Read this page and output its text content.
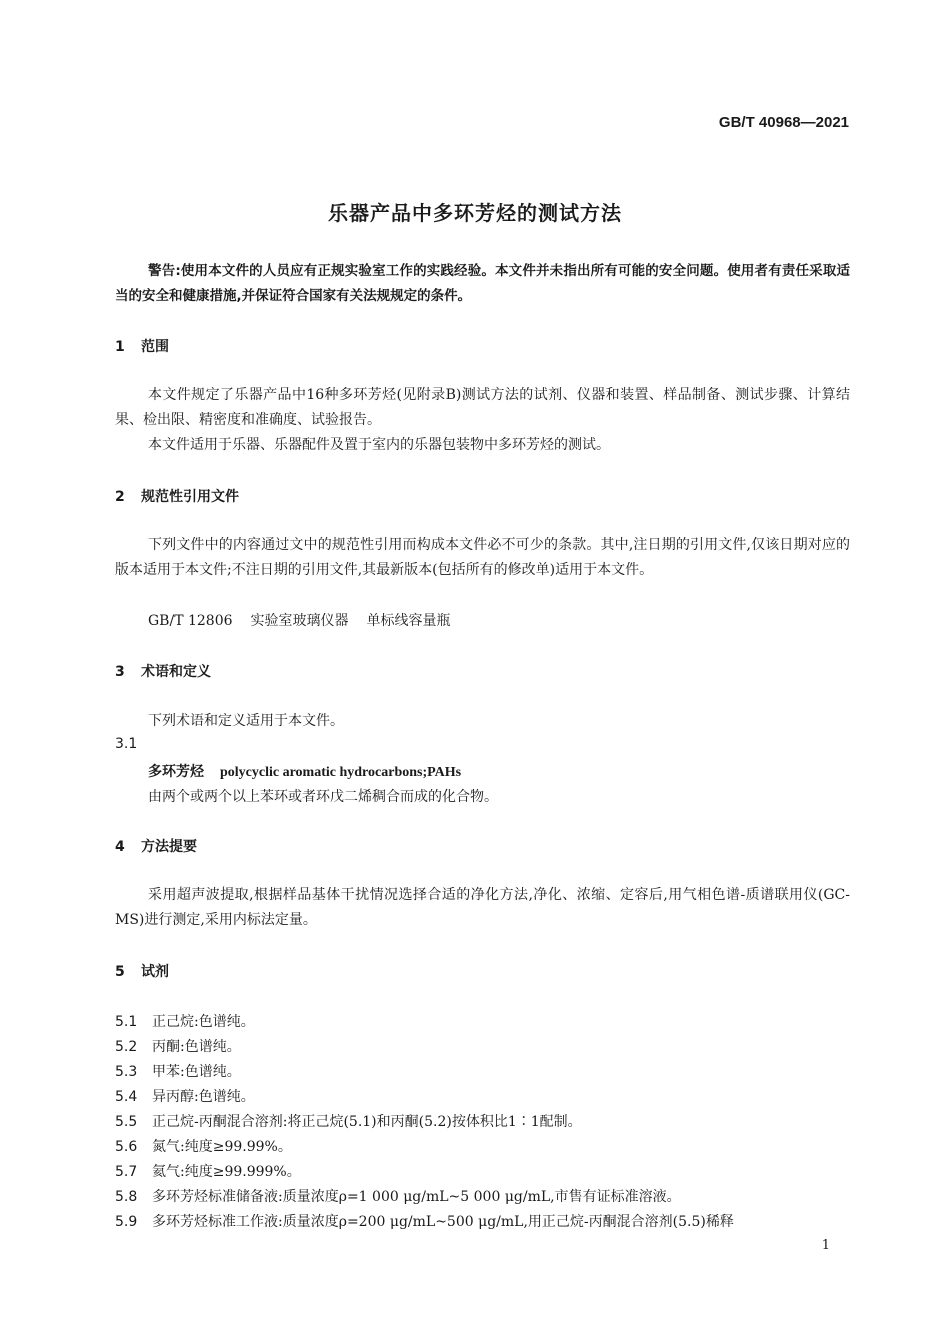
GB/T 40968—2021
乐器产品中多环芳烃的测试方法
警告:使用本文件的人员应有正规实验室工作的实践经验。本文件并未指出所有可能的安全问题。使用者有责任采取适当的安全和健康措施,并保证符合国家有关法规规定的条件。
1 范围
本文件规定了乐器产品中16种多环芳烃(见附录B)测试方法的试剂、仪器和装置、样品制备、测试步骤、计算结果、检出限、精密度和准确度、试验报告。
本文件适用于乐器、乐器配件及置于室内的乐器包装物中多环芳烃的测试。
2 规范性引用文件
下列文件中的内容通过文中的规范性引用而构成本文件必不可少的条款。其中,注日期的引用文件,仅该日期对应的版本适用于本文件;不注日期的引用文件,其最新版本(包括所有的修改单)适用于本文件。
GB/T 12806 实验室玻璃仪器 单标线容量瓶
3 术语和定义
下列术语和定义适用于本文件。
3.1
多环芳烃 polycyclic aromatic hydrocarbons;PAHs
由两个或两个以上苯环或者环戊二烯稠合而成的化合物。
4 方法提要
采用超声波提取,根据样品基体干扰情况选择合适的净化方法,净化、浓缩、定容后,用气相色谱-质谱联用仪(GC-MS)进行测定,采用内标法定量。
5 试剂
5.1 正己烷:色谱纯。
5.2 丙酮:色谱纯。
5.3 甲苯:色谱纯。
5.4 异丙醇:色谱纯。
5.5 正己烷-丙酮混合溶剂:将正己烷(5.1)和丙酮(5.2)按体积比1∶1配制。
5.6 氮气:纯度≥99.99%。
5.7 氦气:纯度≥99.999%。
5.8 多环芳烃标准储备液:质量浓度ρ=1 000 μg/mL~5 000 μg/mL,市售有证标准溶液。
5.9 多环芳烃标准工作液:质量浓度ρ=200 μg/mL~500 μg/mL,用正己烷-丙酮混合溶剂(5.5)稀释
1
